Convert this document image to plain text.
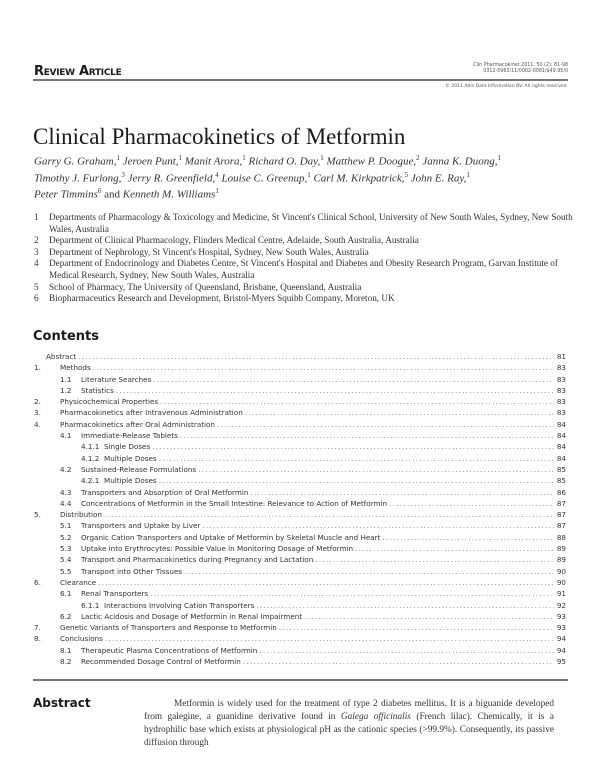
Review Article	Clin Pharmacokinet 2011; 50 (2): 81-98
0312-5963/11/0002-0081/$49.95/0
© 2011 Adis Data Information BV. All rights reserved.
Clinical Pharmacokinetics of Metformin
Garry G. Graham,$^1$ Jeroen Punt,$^1$ Manit Arora,$^1$ Richard O. Day,$^1$ Matthew P. Doogue,$^2$ Janna K. Duong,$^1$
Timothy J. Furlong,$^3$ Jerry R. Greenfield,$^4$ Louise C. Greenup,$^1$ Carl M. Kirkpatrick,$^5$ John E. Ray,$^1$
Peter Timmins$^6$ and Kenneth M. Williams$^1$
1	Departments of Pharmacology & Toxicology and Medicine, St Vincent's Clinical School, University of New South Wales, Sydney, New South Wales, Australia
2	Department of Clinical Pharmacology, Flinders Medical Centre, Adelaide, South Australia, Australia
3	Department of Nephrology, St Vincent's Hospital, Sydney, New South Wales, Australia
4	Department of Endocrinology and Diabetes Centre, St Vincent's Hospital and Diabetes and Obesity Research Program, Garvan Institute of Medical Research, Sydney, New South Wales, Australia
5	School of Pharmacy, The University of Queensland, Brisbane, Queensland, Australia
6	Biopharmaceutics Research and Development, Bristol-Myers Squibb Company, Moreton, UK
Contents
Abstract . . .	81
1.	Methods . . .	83
1.1	Literature Searches . . .	83
1.2	Statistics . . .	83
2.	Physicochemical Properties . . .	83
3.	Pharmacokinetics after Intravenous Administration . . .	83
4.	Pharmacokinetics after Oral Administration . . .	84
4.1	Immediate-Release Tablets . . .	84
4.1.1 Single Doses . . .	84
4.1.2 Multiple Doses . . .	84
4.2	Sustained-Release Formulations . . .	85
4.2.1 Multiple Doses . . .	85
4.3	Transporters and Absorption of Oral Metformin . . .	86
4.4	Concentrations of Metformin in the Small Intestine: Relevance to Action of Metformin . . .	87
5.	Distribution . . .	87
5.1	Transporters and Uptake by Liver . . .	87
5.2	Organic Cation Transporters and Uptake of Metformin by Skeletal Muscle and Heart . . .	88
5.3	Uptake into Erythrocytes: Possible Value in Monitoring Dosage of Metformin . . .	89
5.4	Transport and Pharmacokinetics during Pregnancy and Lactation . . .	89
5.5	Transport into Other Tissues . . .	90
6.	Clearance . . .	90
6.1	Renal Transporters . . .	91
6.1.1 Interactions Involving Cation Transporters . . .	92
6.2	Lactic Acidosis and Dosage of Metformin in Renal Impairment . . .	93
7.	Genetic Variants of Transporters and Response to Metformin . . .	93
8.	Conclusions . . .	94
8.1	Therapeutic Plasma Concentrations of Metformin . . .	94
8.2	Recommended Dosage Control of Metformin . . .	95
Abstract	Metformin is widely used for the treatment of type 2 diabetes mellitus. It is a biguanide developed from galegine, a guanidine derivative found in Galega officinalis (French lilac). Chemically, it is a hydrophilic base which exists at physiological pH as the cationic species (>99.9%). Consequently, its passive diffusion through
